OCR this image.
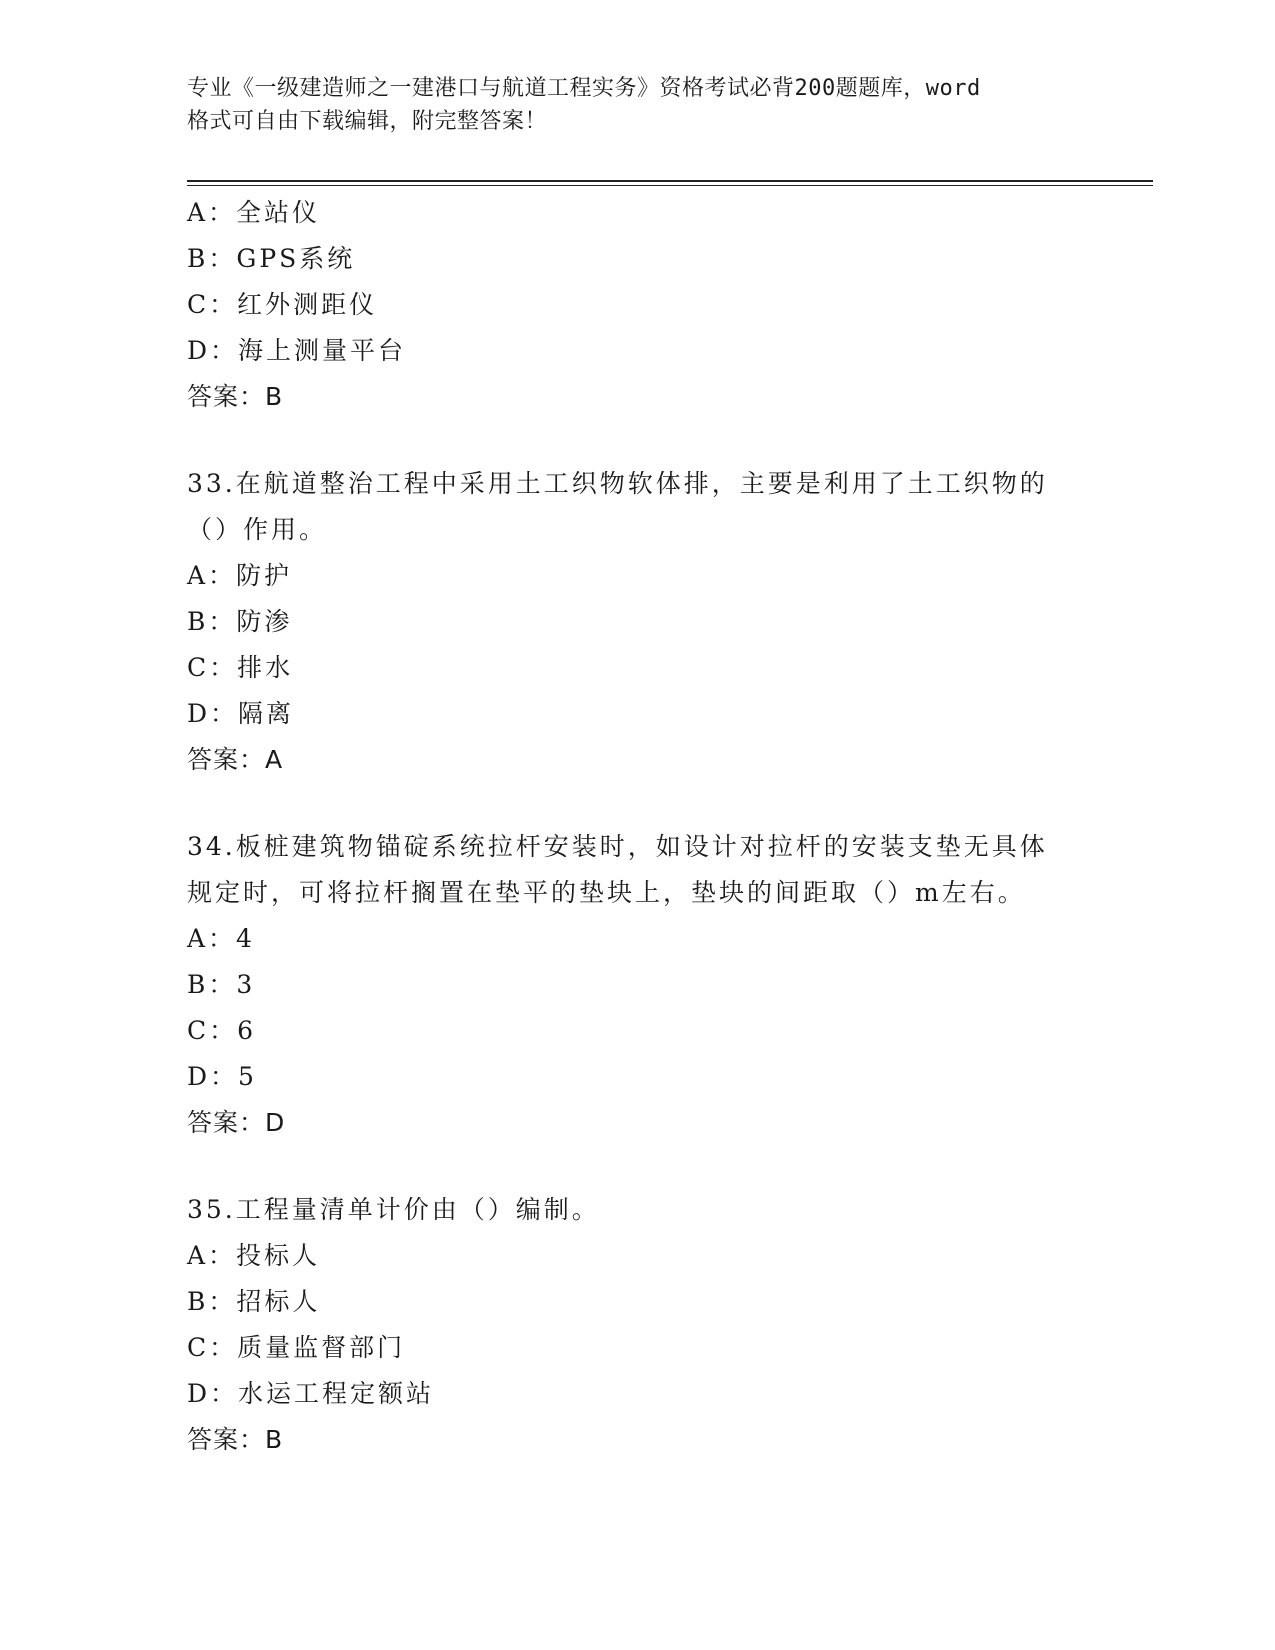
专业《一级建造师之一建港口与航道工程实务》资格考试必背200题题库，word
格式可自由下载编辑，附完整答案！
A：全站仪
B：GPS系统
C：红外测距仪
D：海上测量平台
答案：B
33.在航道整治工程中采用土工织物软体排，主要是利用了土工织物的
（）作用。
A：防护
B：防渗
C：排水
D：隔离
答案：A
34.板桩建筑物锚碇系统拉杆安装时，如设计对拉杆的安装支垫无具体
规定时，可将拉杆搁置在垫平的垫块上，垫块的间距取（）m左右。
A：4
B：3
C：6
D：5
答案：D
35.工程量清单计价由（）编制。
A：投标人
B：招标人
C：质量监督部门
D：水运工程定额站
答案：B
